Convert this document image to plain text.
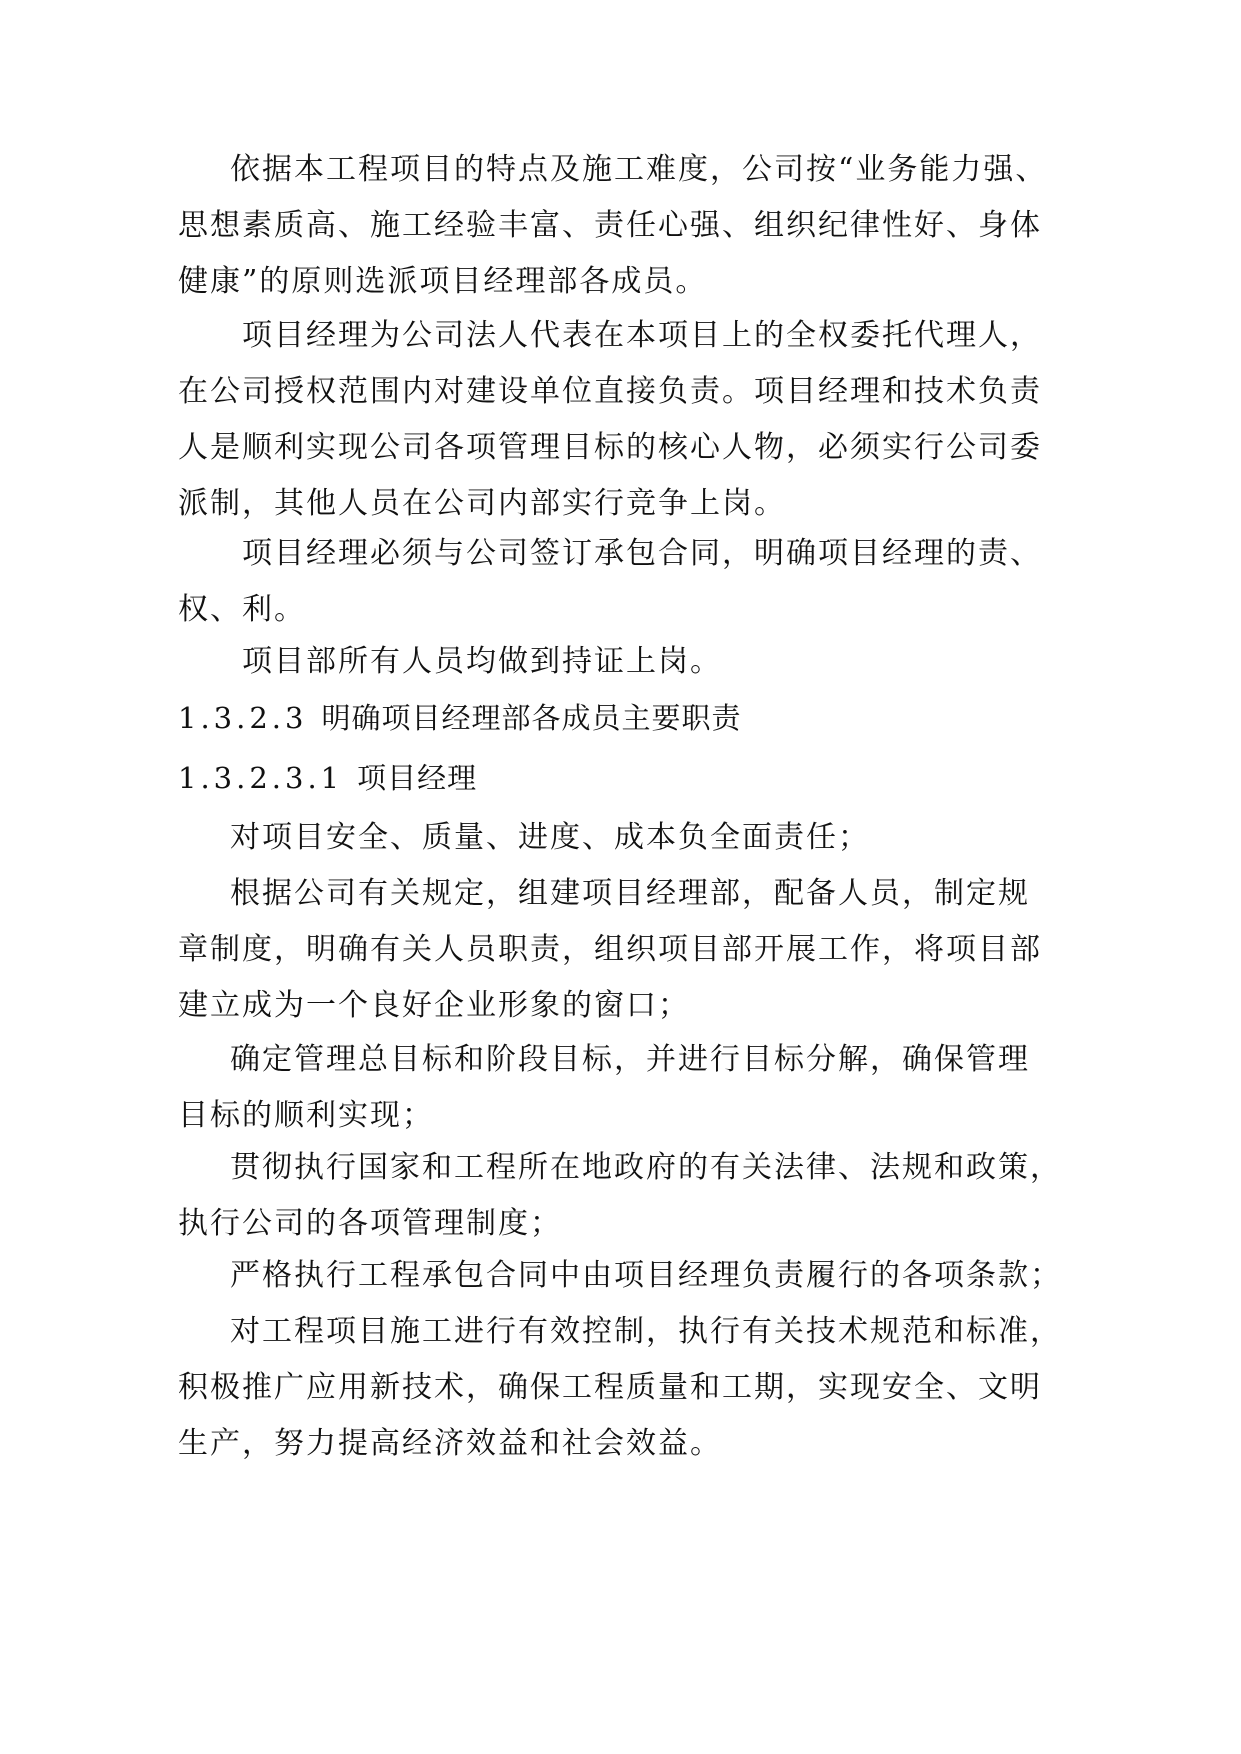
依据本工程项目的特点及施工难度，公司按“业务能力强、
思想素质高、施工经验丰富、责任心强、组织纪律性好、身体
健康”的原则选派项目经理部各成员。
项目经理为公司法人代表在本项目上的全权委托代理人，
在公司授权范围内对建设单位直接负责。项目经理和技术负责
人是顺利实现公司各项管理目标的核心人物，必须实行公司委
派制，其他人员在公司内部实行竞争上岗。
项目经理必须与公司签订承包合同，明确项目经理的责、
权、利。
项目部所有人员均做到持证上岗。
1.3.2.3 明确项目经理部各成员主要职责
1.3.2.3.1 项目经理
对项目安全、质量、进度、成本负全面责任；
根据公司有关规定，组建项目经理部，配备人员，制定规
章制度，明确有关人员职责，组织项目部开展工作，将项目部
建立成为一个良好企业形象的窗口；
确定管理总目标和阶段目标，并进行目标分解，确保管理
目标的顺利实现；
贯彻执行国家和工程所在地政府的有关法律、法规和政策，
执行公司的各项管理制度；
严格执行工程承包合同中由项目经理负责履行的各项条款；
对工程项目施工进行有效控制，执行有关技术规范和标准，
积极推广应用新技术，确保工程质量和工期，实现安全、文明
生产，努力提高经济效益和社会效益。
